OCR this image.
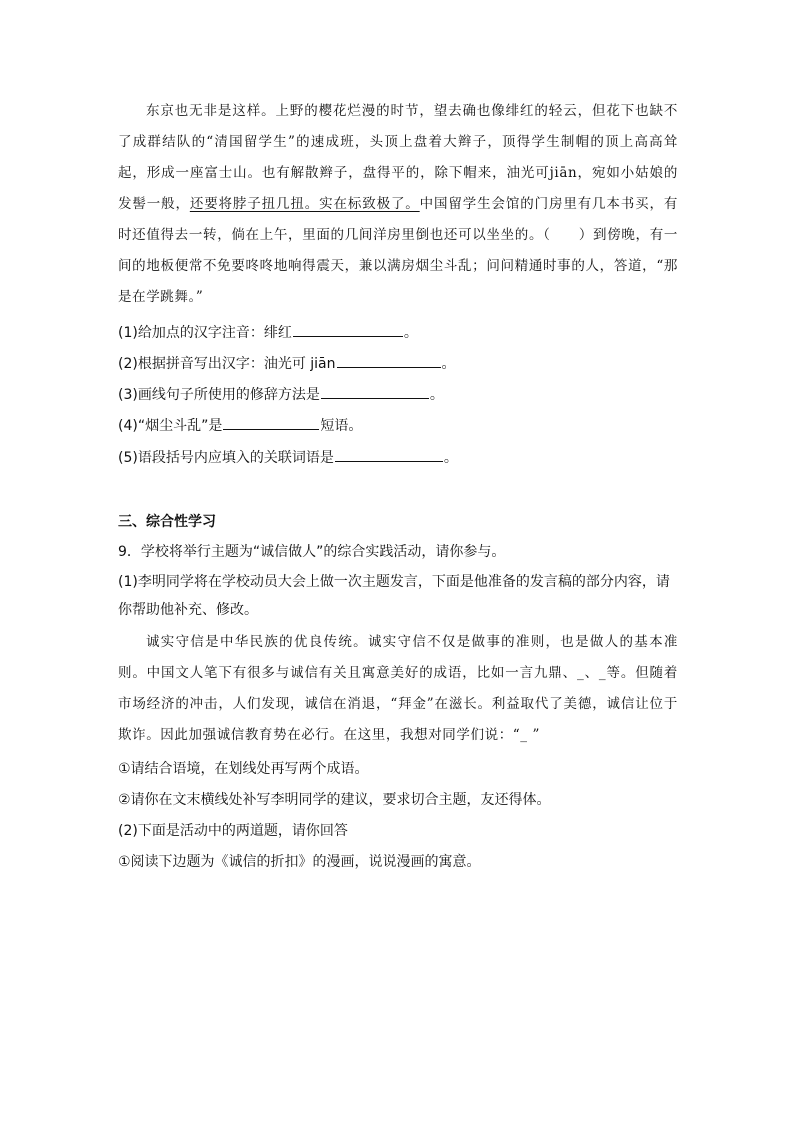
东京也无非是这样。上野的樱花烂漫的时节，望去确也像绯红的轻云，但花下也缺不了成群结队的“清国留学生”的速成班，头顶上盘着大辫子，顶得学生制帽的顶上高高耸起，形成一座富士山。也有解散辫子，盘得平的，除下帽来，油光可jiān，宛如小姑娘的发髻一般，还要将脖子扭几扭。实在标致极了。中国留学生会馆的门房里有几本书买，有时还值得去一转，倘在上午，里面的几间洋房里倒也还可以坐坐的。（　　）到傍晚，有一间的地板便常不免要咚咚地响得震天，兼以满房烟尘斗乱；问问精通时事的人，答道，“那是在学跳舞。”
(1)给加点的汉字注音：绯红	。
(2)根据拼音写出汉字：油光可 jiān	。
(3)画线句子所使用的修辞方法是	。
(4)“烟尘斗乱”是	短语。
(5)语段括号内应填入的关联词语是	。
三、综合性学习
9．学校将举行主题为“诚信做人”的综合实践活动，请你参与。
(1)李明同学将在学校动员大会上做一次主题发言，下面是他准备的发言稿的部分内容，请你帮助他补充、修改。
诚实守信是中华民族的优良传统。诚实守信不仅是做事的准则，也是做人的基本准则。中国文人笔下有很多与诚信有关且寓意美好的成语，比如一言九鼎、_、_等。但随着市场经济的冲击，人们发现，诚信在消退，“拜金”在滋长。利益取代了美德，诚信让位于欺诈。因此加强诚信教育势在必行。在这里，我想对同学们说：“_ ”
①请结合语境，在划线处再写两个成语。
②请你在文末横线处补写李明同学的建议，要求切合主题，友还得体。
(2)下面是活动中的两道题，请你回答
①阅读下边题为《诚信的折扣》的漫画，说说漫画的寓意。
